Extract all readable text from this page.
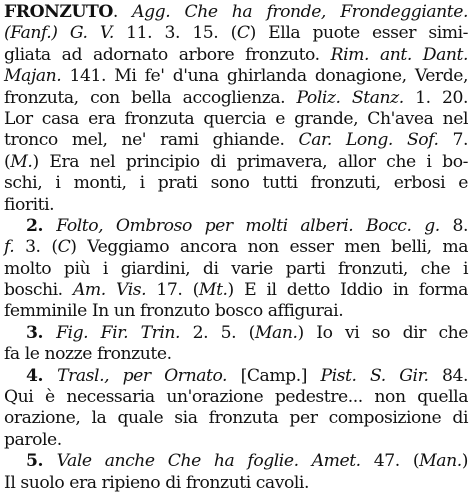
FRONZUTO. Agg. Che ha fronde, Frondeggiante.
(Fanf.) G. V. 11. 3. 15. (C) Ella puote esser simi-
gliata ad adornato arbore fronzuto. Rim. ant. Dant.
Majan. 141. Mi fe' d'una ghirlanda donagione, Verde,
fronzuta, con bella accoglienza. Poliz. Stanz. 1. 20.
Lor casa era fronzuta quercia e grande, Ch'avea nel
tronco mel, ne' rami ghiande. Car. Long. Sof. 7.
(M.) Era nel principio di primavera, allor che i bo-
schi, i monti, i prati sono tutti fronzuti, erbosi e
fioriti.
2. Folto, Ombroso per molti alberi. Bocc. g. 8.
f. 3. (C) Veggiamo ancora non esser men belli, ma
molto più i giardini, di varie parti fronzuti, che i
boschi. Am. Vis. 17. (Mt.) E il detto Iddio in forma
femminile In un fronzuto bosco affigurai.
3. Fig. Fir. Trin. 2. 5. (Man.) Io vi so dir che
fa le nozze fronzute.
4. Trasl., per Ornato. [Camp.] Pist. S. Gir. 84.
Qui è necessaria un'orazione pedestre... non quella
orazione, la quale sia fronzuta per composizione di
parole.
5. Vale anche Che ha foglie. Amet. 47. (Man.)
Il suolo era ripieno di fronzuti cavoli.
